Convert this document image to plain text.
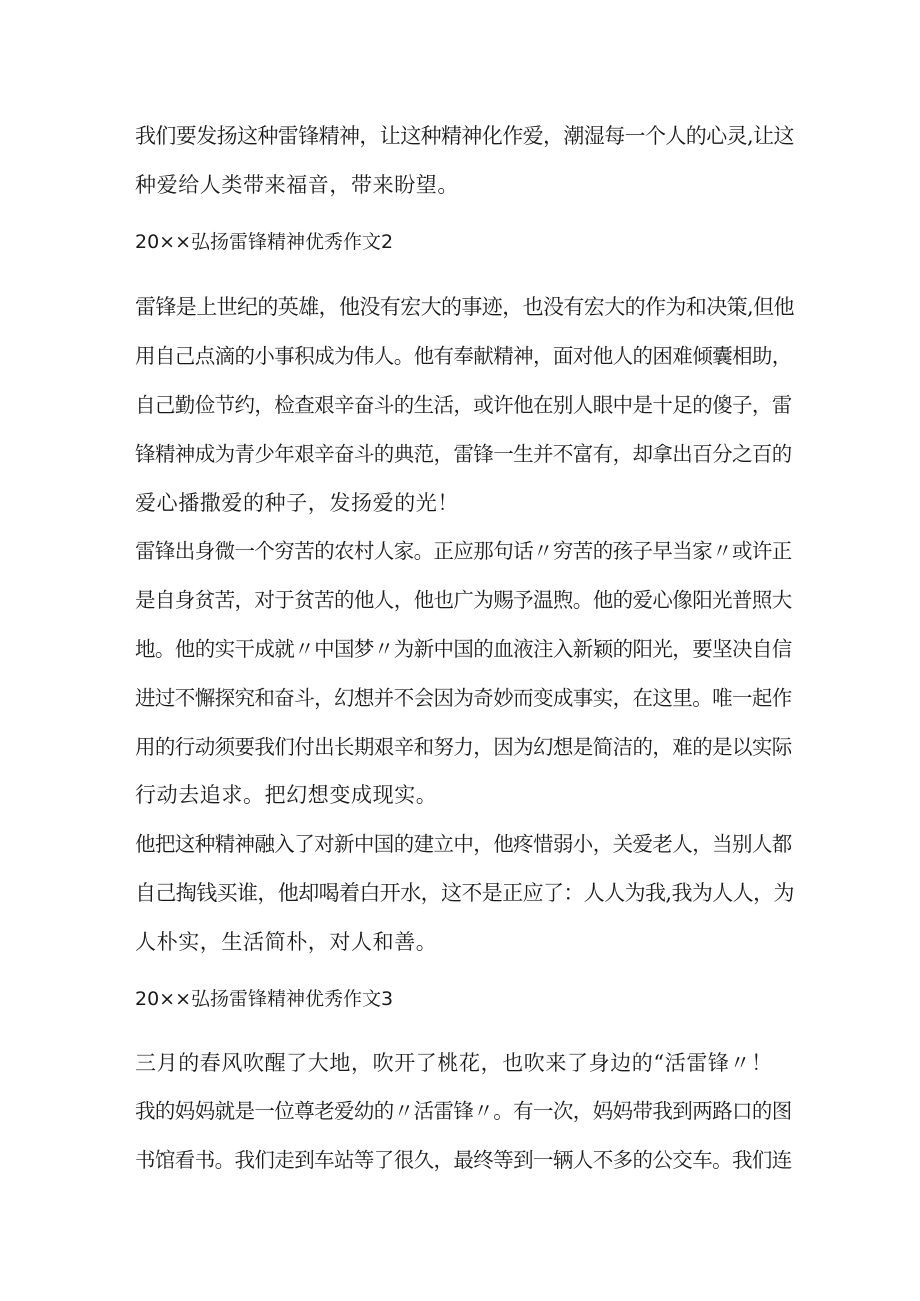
我们要发扬这种雷锋精神，让这种精神化作爱，潮湿每一个人的心灵,让这
种爱给人类带来福音，带来盼望。
20××弘扬雷锋精神优秀作文2
雷锋是上世纪的英雄，他没有宏大的事迹，也没有宏大的作为和决策,但他
用自己点滴的小事积成为伟人。他有奉献精神，面对他人的困难倾囊相助，
自己勤俭节约，检查艰辛奋斗的生活，或许他在别人眼中是十足的傻子，雷
锋精神成为青少年艰辛奋斗的典范，雷锋一生并不富有，却拿出百分之百的
爱心播撒爱的种子，发扬爱的光！
雷锋出身微一个穷苦的农村人家。正应那句话〃穷苦的孩子早当家〃或许正
是自身贫苦，对于贫苦的他人，他也广为赐予温煦。他的爱心像阳光普照大
地。他的实干成就〃中国梦〃为新中国的血液注入新颖的阳光，要坚决自信
进过不懈探究和奋斗，幻想并不会因为奇妙而变成事实，在这里。唯一起作
用的行动须要我们付出长期艰辛和努力，因为幻想是简洁的，难的是以实际
行动去追求。把幻想变成现实。
他把这种精神融入了对新中国的建立中，他疼惜弱小，关爱老人，当别人都
自己掏钱买谁，他却喝着白开水，这不是正应了：人人为我,我为人人，为
人朴实，生活简朴，对人和善。
20××弘扬雷锋精神优秀作文3
三月的春风吹醒了大地，吹开了桃花，也吹来了身边的“活雷锋〃！
我的妈妈就是一位尊老爱幼的〃活雷锋〃。有一次，妈妈带我到两路口的图
书馆看书。我们走到车站等了很久，最终等到一辆人不多的公交车。我们连
